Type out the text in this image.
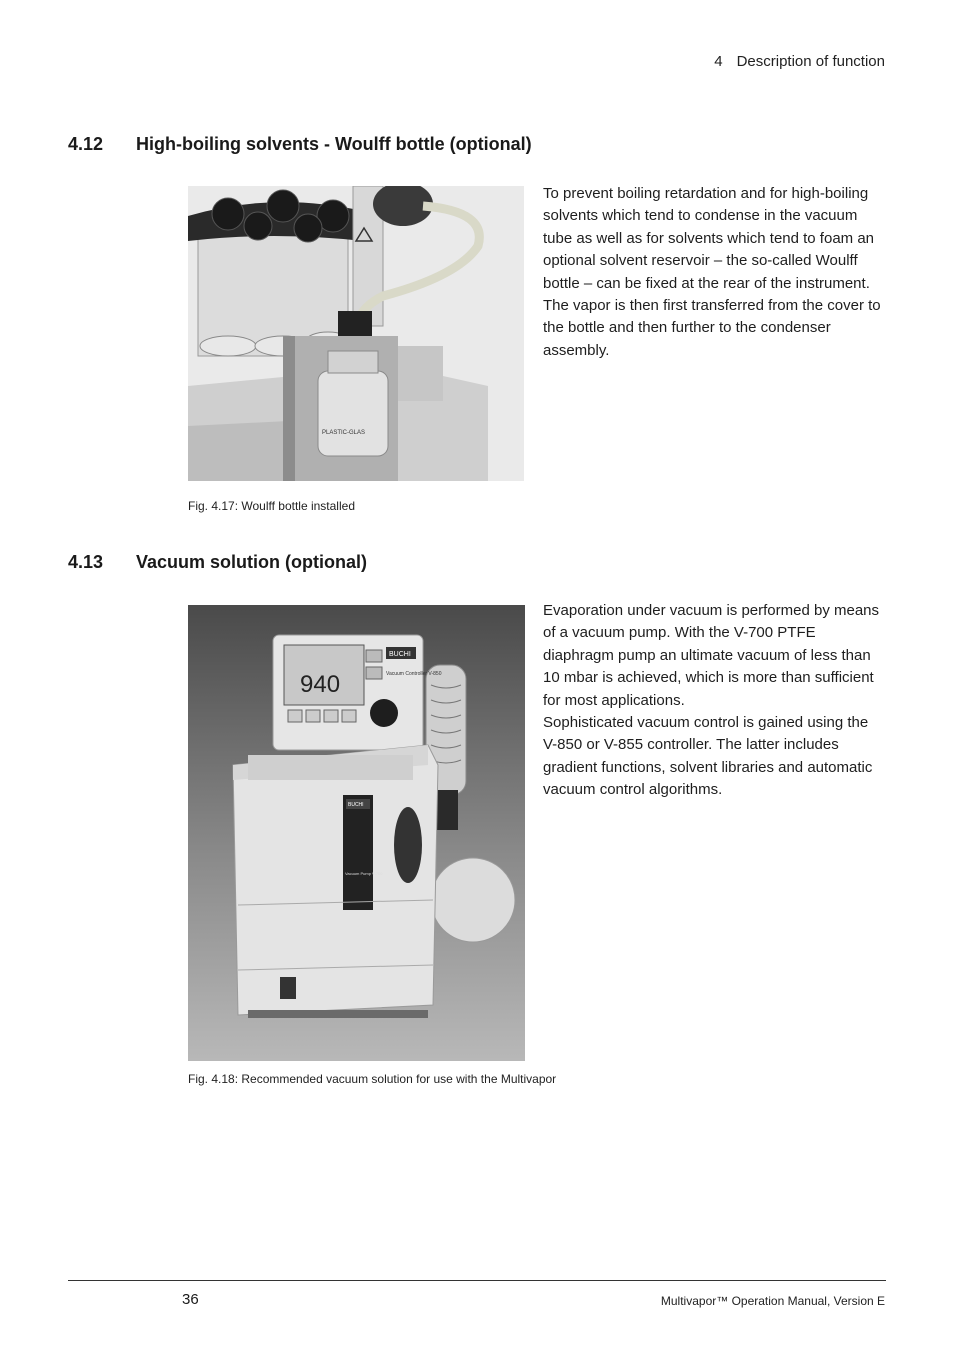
4 Description of function
4.12 High-boiling solvents - Woulff bottle (optional)
PLASTIC-GLAS
To prevent boiling retardation and for high-boiling solvents which tend to condense in the vacuum tube as well as for solvents which tend to foam an optional solvent reservoir – the so-called Woulff bottle – can be fixed at the rear of the instrument. The vapor is then first transferred from the cover to the bottle and then further to the condenser assembly.
Fig. 4.17: Woulff bottle installed
4.13 Vacuum solution (optional)
940
BUCHI
Vacuum Controller V-850
BUCHI
Vacuum Pump V-700
Evaporation under vacuum is performed by means of a vacuum pump. With the V-700 PTFE diaphragm pump an ultimate vacuum of less than 10 mbar is achieved, which is more than sufficient for most applications.
Sophisticated vacuum control is gained using the V-850 or V-855 controller. The latter includes gradient functions, solvent libraries and automatic vacuum control algorithms.
Fig. 4.18: Recommended vacuum solution for use with the Multivapor
36	Multivapor™ Operation Manual, Version E
